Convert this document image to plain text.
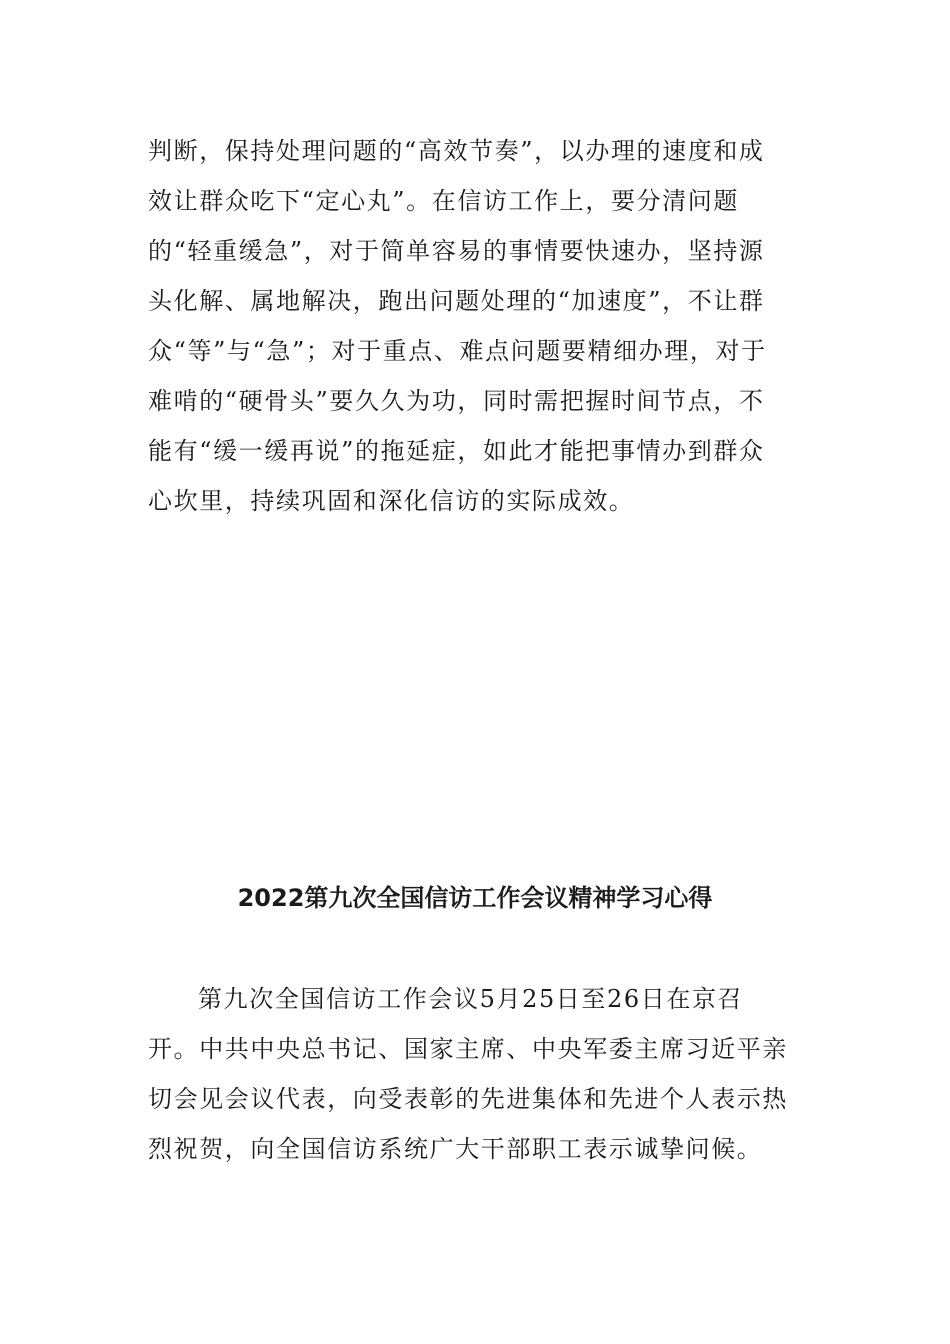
判断，保持处理问题的“高效节奏”，以办理的速度和成效让群众吃下“定心丸”。在信访工作上，要分清问题的“轻重缓急”，对于简单容易的事情要快速办，坚持源头化解、属地解决，跑出问题处理的“加速度”，不让群众“等”与“急”；对于重点、难点问题要精细办理，对于难啃的“硬骨头”要久久为功，同时需把握时间节点，不能有“缓一缓再说”的拖延症，如此才能把事情办到群众心坎里，持续巩固和深化信访的实际成效。

2022第九次全国信访工作会议精神学习心得

第九次全国信访工作会议5月25日至26日在京召开。中共中央总书记、国家主席、中央军委主席习近平亲切会见会议代表，向受表彰的先进集体和先进个人表示热烈祝贺，向全国信访系统广大干部职工表示诚挚问候。
